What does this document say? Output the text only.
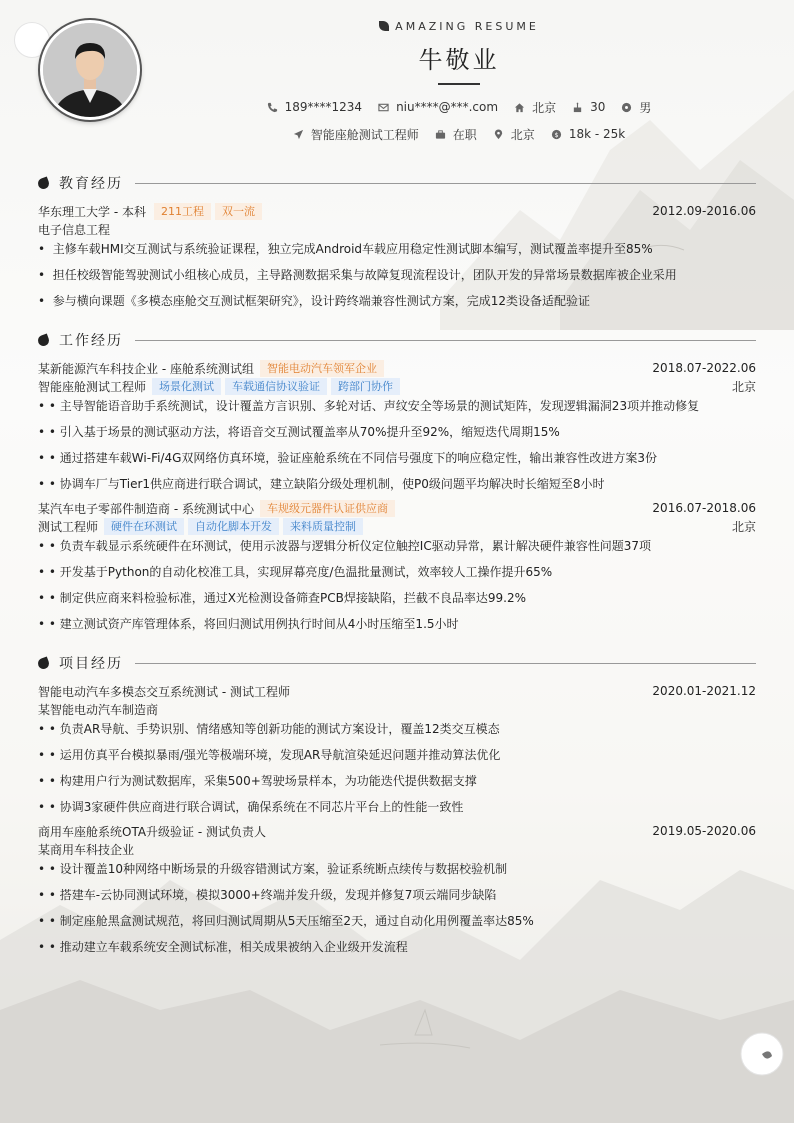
AMAZING RESUME
牛敬业
189****1234	niu****@***.com	北京	30	男
智能座舱测试工程师	在职	北京	$ 18k - 25k
教育经历
华东理工大学 - 本科	211工程	双一流	2012.09-2016.06
电子信息工程
•  主修车载HMI交互测试与系统验证课程，独立完成Android车载应用稳定性测试脚本编写，测试覆盖率提升至85%
•  担任校级智能驾驶测试小组核心成员，主导路测数据采集与故障复现流程设计，团队开发的异常场景数据库被企业采用
•  参与横向课题《多模态座舱交互测试框架研究》，设计跨终端兼容性测试方案，完成12类设备适配验证
工作经历
某新能源汽车科技企业 - 座舱系统测试组	智能电动汽车领军企业	2018.07-2022.06
智能座舱测试工程师	场景化测试	车载通信协议验证	跨部门协作	北京
• • 主导智能语音助手系统测试，设计覆盖方言识别、多轮对话、声纹安全等场景的测试矩阵，发现逻辑漏洞23项并推动修复
• • 引入基于场景的测试驱动方法，将语音交互测试覆盖率从70%提升至92%，缩短迭代周期15%
• • 通过搭建车载Wi-Fi/4G双网络仿真环境，验证座舱系统在不同信号强度下的响应稳定性，输出兼容性改进方案3份
• • 协调车厂与Tier1供应商进行联合调试，建立缺陷分级处理机制，使P0级问题平均解决时长缩短至8小时
某汽车电子零部件制造商 - 系统测试中心	车规级元器件认证供应商	2016.07-2018.06
测试工程师	硬件在环测试	自动化脚本开发	来料质量控制	北京
• • 负责车载显示系统硬件在环测试，使用示波器与逻辑分析仪定位触控IC驱动异常，累计解决硬件兼容性问题37项
• • 开发基于Python的自动化校准工具，实现屏幕亮度/色温批量测试，效率较人工操作提升65%
• • 制定供应商来料检验标准，通过X光检测设备筛查PCB焊接缺陷，拦截不良品率达99.2%
• • 建立测试资产库管理体系，将回归测试用例执行时间从4小时压缩至1.5小时
项目经历
智能电动汽车多模态交互系统测试 - 测试工程师	2020.01-2021.12
某智能电动汽车制造商
• • 负责AR导航、手势识别、情绪感知等创新功能的测试方案设计，覆盖12类交互模态
• • 运用仿真平台模拟暴雨/强光等极端环境，发现AR导航渲染延迟问题并推动算法优化
• • 构建用户行为测试数据库，采集500+驾驶场景样本，为功能迭代提供数据支撑
• • 协调3家硬件供应商进行联合调试，确保系统在不同芯片平台上的性能一致性
商用车座舱系统OTA升级验证 - 测试负责人	2019.05-2020.06
某商用车科技企业
• • 设计覆盖10种网络中断场景的升级容错测试方案，验证系统断点续传与数据校验机制
• • 搭建车-云协同测试环境，模拟3000+终端并发升级，发现并修复7项云端同步缺陷
• • 制定座舱黑盒测试规范，将回归测试周期从5天压缩至2天，通过自动化用例覆盖率达85%
• • 推动建立车载系统安全测试标准，相关成果被纳入企业级开发流程
